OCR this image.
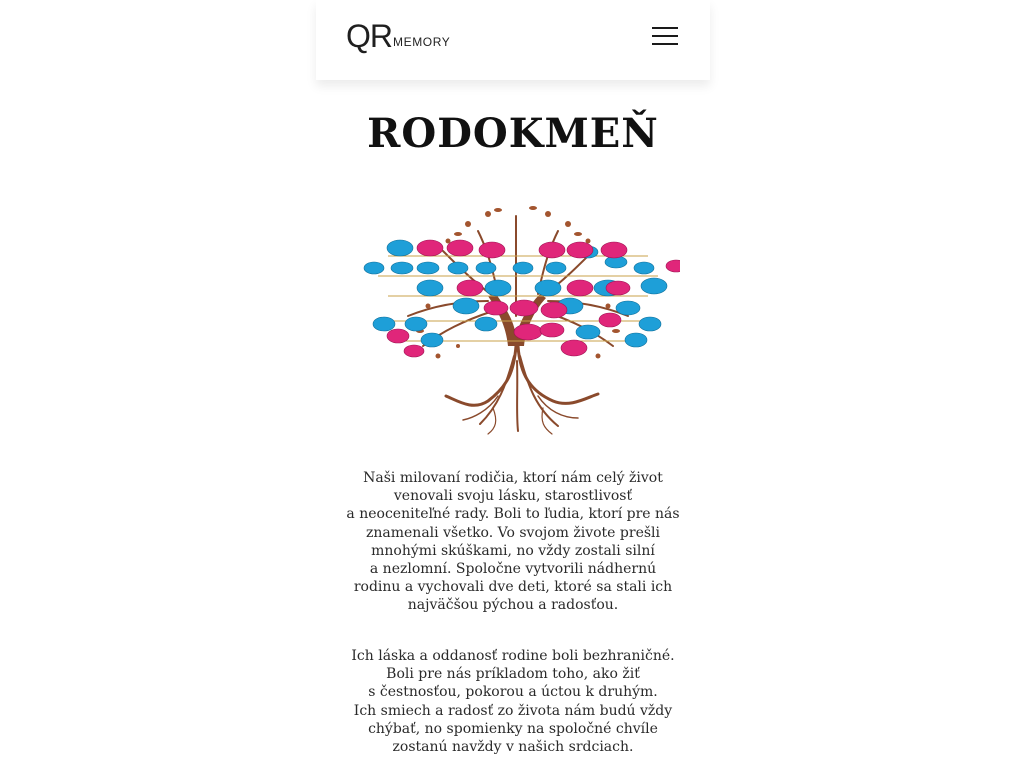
QR MEMORY
RODOKMEŇ
Naši milovaní rodičia, ktorí nám celý život
venovali svoju lásku, starostlivosť
a neoceniteľné rady. Boli to ľudia, ktorí pre nás
znamenali všetko. Vo svojom živote prešli
mnohými skúškami, no vždy zostali silní
a nezlomní. Spoločne vytvorili nádhernú
rodinu a vychovali dve deti, ktoré sa stali ich
najväčšou pýchou a radosťou.
Ich láska a oddanosť rodine boli bezhraničné.
Boli pre nás príkladom toho, ako žiť
s čestnosťou, pokorou a úctou k druhým.
Ich smiech a radosť zo života nám budú vždy
chýbať, no spomienky na spoločné chvíle
zostanú navždy v našich srdciach.
